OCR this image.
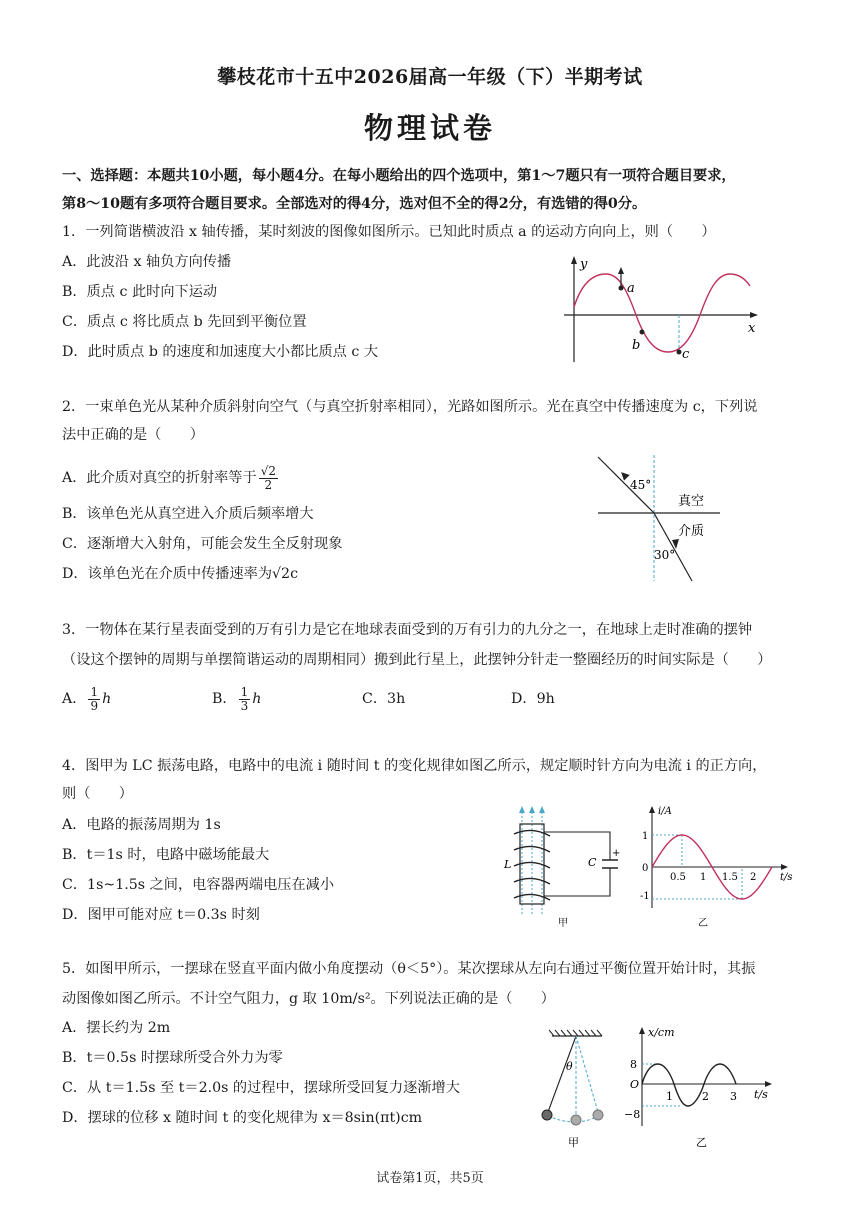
攀枝花市十五中2026届高一年级（下）半期考试
物理试卷
一、选择题：本题共10小题，每小题4分。在每小题给出的四个选项中，第1～7题只有一项符合题目要求，
第8～10题有多项符合题目要求。全部选对的得4分，选对但不全的得2分，有选错的得0分。
1．一列简谐横波沿 x 轴传播，某时刻波的图像如图所示。已知此时质点 a 的运动方向向上，则（　　）
A．此波沿 x 轴负方向传播
B．质点 c 此时向下运动
C．质点 c 将比质点 b 先回到平衡位置
D．此时质点 b 的速度和加速度大小都比质点 c 大
y
x
a
b
c
2．一束单色光从某种介质斜射向空气（与真空折射率相同），光路如图所示。光在真空中传播速度为 c，下列说
法中正确的是（　　）
A．此介质对真空的折射率等于 $\frac{√2}{2}$
B．该单色光从真空进入介质后频率增大
C．逐渐增大入射角，可能会发生全反射现象
D．该单色光在介质中传播速率为√2c
45°
30°
真空
介质
3．一物体在某行星表面受到的万有引力是它在地球表面受到的万有引力的九分之一，在地球上走时准确的摆钟
（设这个摆钟的周期与单摆简谐运动的周期相同）搬到此行星上，此摆钟分针走一整圈经历的时间实际是（　　）
A． $\frac{1}{9}$ h	B． $\frac{1}{3}$ h	C．3h	D．9h
4．图甲为 LC 振荡电路，电路中的电流 i 随时间 t 的变化规律如图乙所示，规定顺时针方向为电流 i 的正方向，
则（　　）
A．电路的振荡周期为 1s
B．t＝1s 时，电路中磁场能最大
C．1s~1.5s 之间，电容器两端电压在减小
D．图甲可能对应 t＝0.3s 时刻
L	C
+
甲
i/A
t/s
1
0
-1
0.5 1 1.5 2
乙
5．如图甲所示，一摆球在竖直平面内做小角度摆动（θ＜5°）。某次摆球从左向右通过平衡位置开始计时，其振
动图像如图乙所示。不计空气阻力，g 取 10m/s²。下列说法正确的是（　　）
A．摆长约为 2m
B．t＝0.5s 时摆球所受合外力为零
C．从 t＝1.5s 至 t＝2.0s 的过程中，摆球所受回复力逐渐增大
D．摆球的位移 x 随时间 t 的变化规律为 x＝8sin(πt)cm
θ
甲
x/cm
t/s
O
8
−8
1	2 3
乙
试卷第1页，共5页
